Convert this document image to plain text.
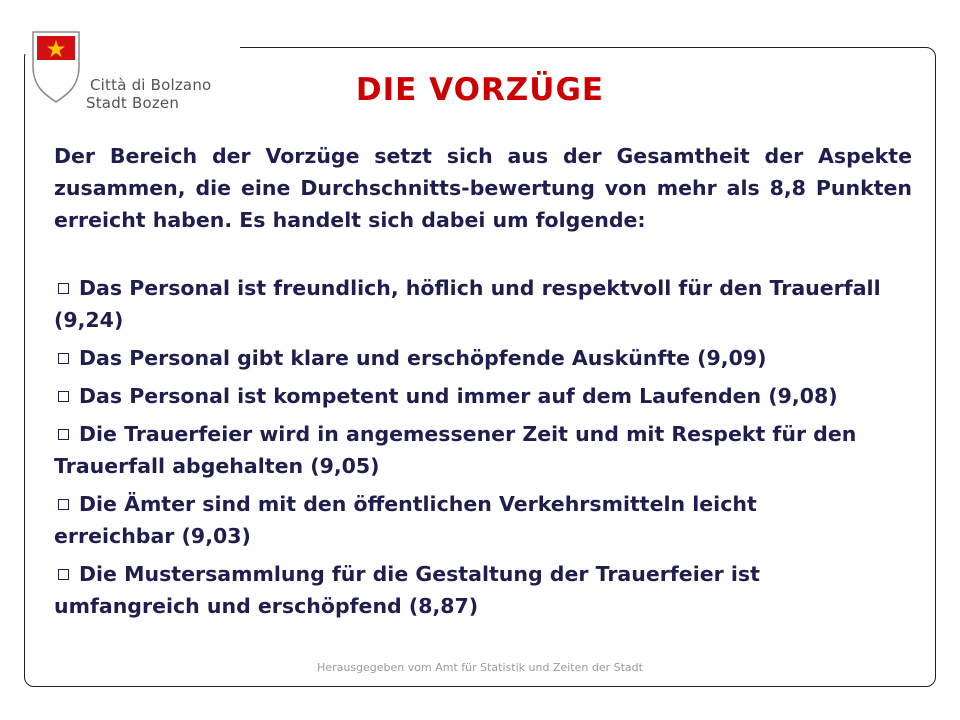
Città di Bolzano
Stadt Bozen	DIE VORZÜGE
Der Bereich der Vorzüge setzt sich aus der Gesamtheit der Aspekte zusammen, die eine Durchschnitts-bewertung von mehr als 8,8 Punkten erreicht haben. Es handelt sich dabei um folgende:
Das Personal ist freundlich, höflich und respektvoll für den Trauerfall (9,24)
Das Personal gibt klare und erschöpfende Auskünfte (9,09)
Das Personal ist kompetent und immer auf dem Laufenden (9,08)
Die Trauerfeier wird in angemessener Zeit und mit Respekt für den Trauerfall abgehalten (9,05)
Die Ämter sind mit den öffentlichen Verkehrsmitteln leicht erreichbar (9,03)
Die Mustersammlung für die Gestaltung der Trauerfeier ist umfangreich und erschöpfend (8,87)
Herausgegeben vom Amt für Statistik und Zeiten der Stadt
